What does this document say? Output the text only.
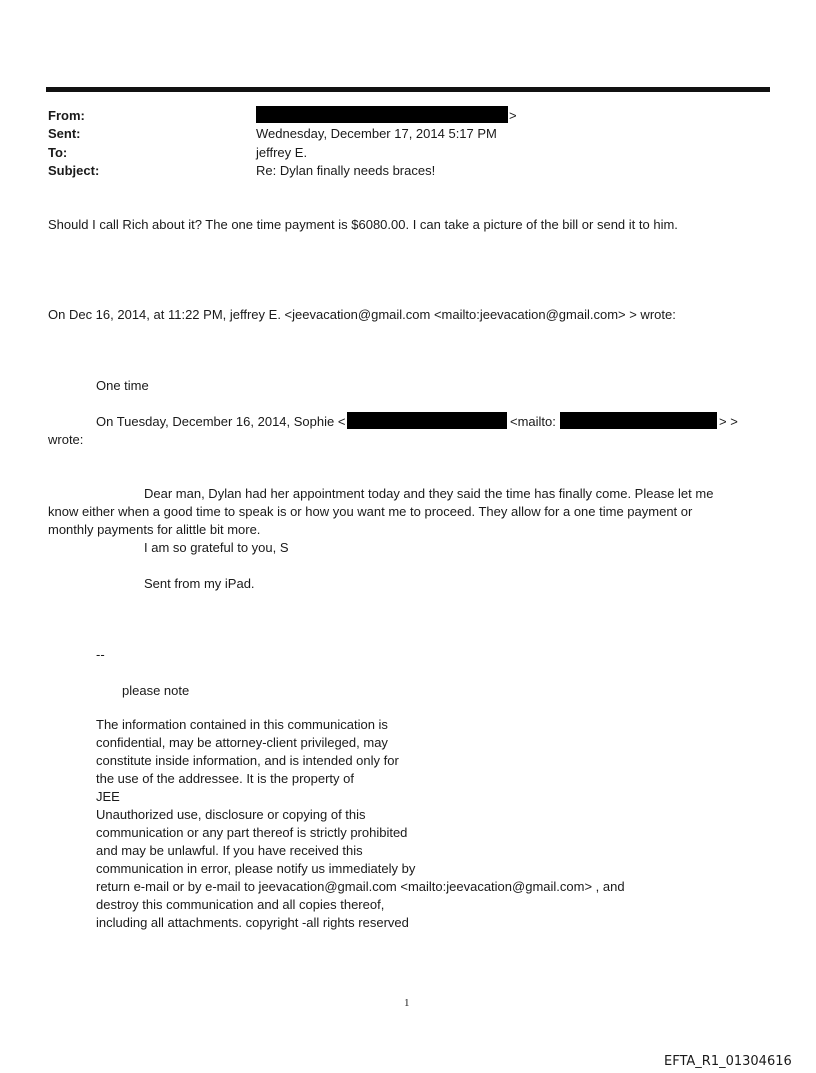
From:	>
Sent:	Wednesday, December 17, 2014 5:17 PM
To:	jeffrey E.
Subject:	Re: Dylan finally needs braces!
Should I call Rich about it? The one time payment is $6080.00. I can take a picture of the bill or send it to him.
On Dec 16, 2014, at 11:22 PM, jeffrey E. <jeevacation@gmail.com <mailto:jeevacation@gmail.com> > wrote:
One time
On Tuesday, December 16, 2014, Sophie <	<mailto:	> >
wrote:
Dear man, Dylan had her appointment today and they said the time has finally come. Please let me
know either when a good time to speak is or how you want me to proceed. They allow for a one time payment or
monthly payments for alittle bit more.
I am so grateful to you, S
Sent from my iPad.
--
please note
The information contained in this communication is
confidential, may be attorney-client privileged, may
constitute inside information, and is intended only for
the use of the addressee. It is the property of
JEE
Unauthorized use, disclosure or copying of this
communication or any part thereof is strictly prohibited
and may be unlawful. If you have received this
communication in error, please notify us immediately by
return e-mail or by e-mail to jeevacation@gmail.com <mailto:jeevacation@gmail.com> , and
destroy this communication and all copies thereof,
including all attachments. copyright -all rights reserved
1
EFTA_R1_01304616
